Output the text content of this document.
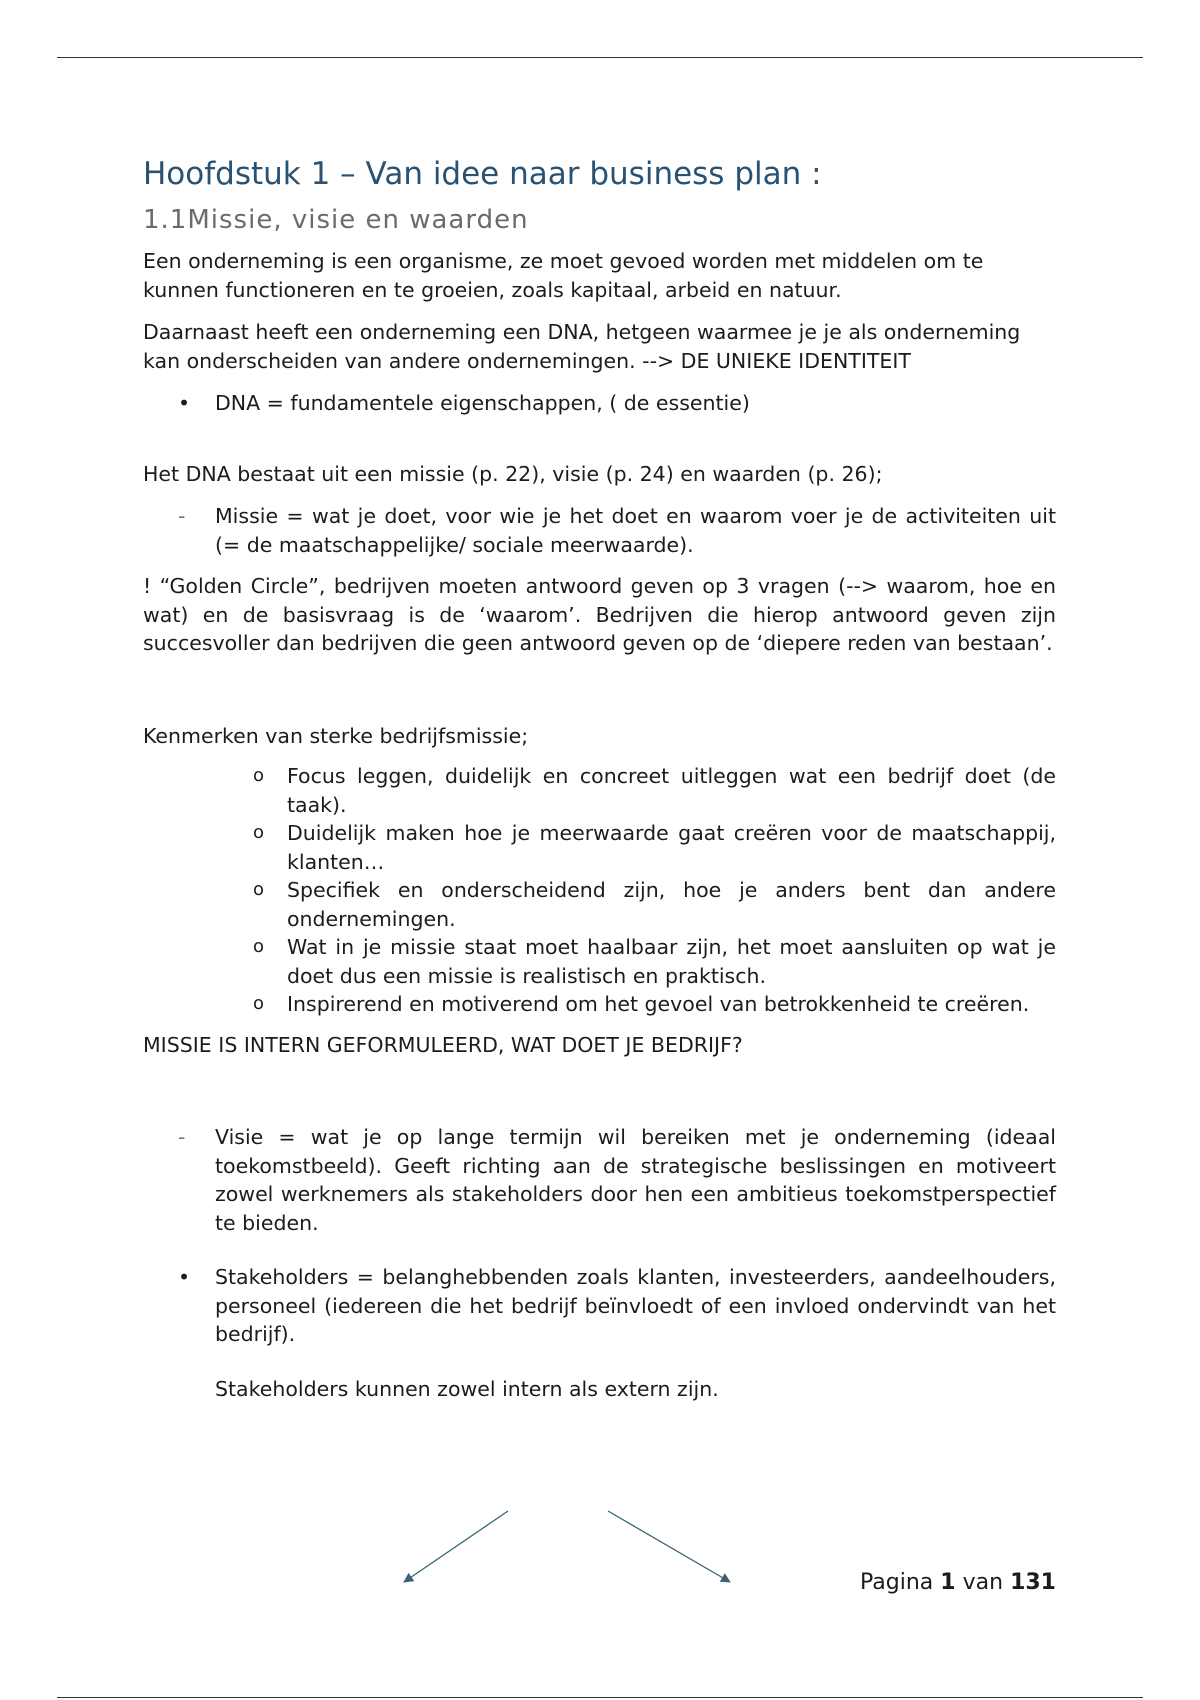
Hoofdstuk 1 – Van idee naar business plan :
1.1Missie, visie en waarden

Een onderneming is een organisme, ze moet gevoed worden met middelen om te kunnen functioneren en te groeien, zoals kapitaal, arbeid en natuur.

Daarnaast heeft een onderneming een DNA, hetgeen waarmee je je als onderneming kan onderscheiden van andere ondernemingen. --> DE UNIEKE IDENTITEIT

•	DNA = fundamentele eigenschappen, ( de essentie)

Het DNA bestaat uit een missie (p. 22), visie (p. 24) en waarden (p. 26);

-	Missie = wat je doet, voor wie je het doet en waarom voer je de activiteiten uit (= de maatschappelijke/ sociale meerwaarde).

! “Golden Circle”, bedrijven moeten antwoord geven op 3 vragen (--> waarom, hoe en wat) en de basisvraag is de ‘waarom’. Bedrijven die hierop antwoord geven zijn succesvoller dan bedrijven die geen antwoord geven op de ‘diepere reden van bestaan’.

Kenmerken van sterke bedrijfsmissie;

o	Focus leggen, duidelijk en concreet uitleggen wat een bedrijf doet (de taak).
o	Duidelijk maken hoe je meerwaarde gaat creëren voor de maatschappij, klanten…
o	Specifiek en onderscheidend zijn, hoe je anders bent dan andere ondernemingen.
o	Wat in je missie staat moet haalbaar zijn, het moet aansluiten op wat je doet dus een missie is realistisch en praktisch.
o	Inspirerend en motiverend om het gevoel van betrokkenheid te creëren.

MISSIE IS INTERN GEFORMULEERD, WAT DOET JE BEDRIJF?

-	Visie = wat je op lange termijn wil bereiken met je onderneming (ideaal toekomstbeeld). Geeft richting aan de strategische beslissingen en motiveert zowel werknemers als stakeholders door hen een ambitieus toekomstperspectief te bieden.
•	Stakeholders = belanghebbenden zoals klanten, investeerders, aandeelhouders, personeel (iedereen die het bedrijf beïnvloedt of een invloed ondervindt van het bedrijf).

Stakeholders kunnen zowel intern als extern zijn.

Pagina 1 van 131
